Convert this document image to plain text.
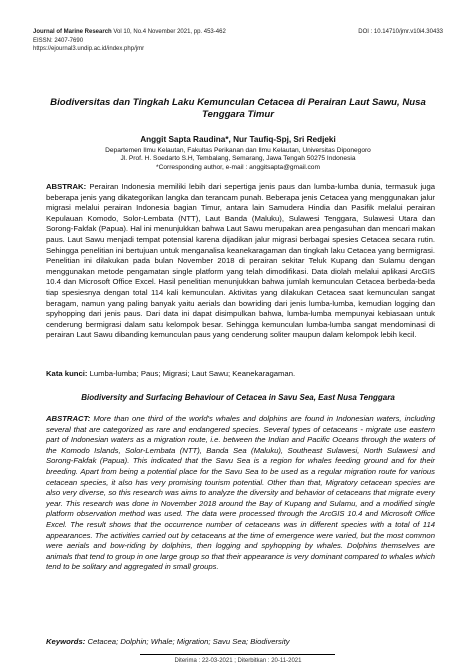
Journal of Marine Research Vol 10, No.4 November 2021, pp. 453-462
EISSN: 2407-7690
https://ejournal3.undip.ac.id/index.php/jmr
DOI : 10.14710/jmr.v10i4.30433
Biodiversitas dan Tingkah Laku Kemunculan Cetacea di Perairan Laut Sawu, Nusa Tenggara Timur
Anggit Sapta Raudina*, Nur Taufiq-Spj, Sri Redjeki
Departemen Ilmu Kelautan, Fakultas Perikanan dan Ilmu Kelautan, Universitas Diponegoro
Jl. Prof. H. Soedarto S.H, Tembalang, Semarang, Jawa Tengah 50275 Indonesia
*Corresponding author, e-mail : anggitsapta@gmail.com
ABSTRAK: Perairan Indonesia memiliki lebih dari sepertiga jenis paus dan lumba-lumba dunia, termasuk juga beberapa jenis yang dikategorikan langka dan terancam punah. Beberapa jenis Cetacea yang menggunakan jalur migrasi melalui perairan Indonesia bagian Timur, antara lain Samudera Hindia dan Pasifik melalui perairan Kepulauan Komodo, Solor-Lembata (NTT), Laut Banda (Maluku), Sulawesi Tenggara, Sulawesi Utara dan Sorong-Fakfak (Papua). Hal ini menunjukkan bahwa Laut Sawu merupakan area pengasuhan dan mencari makan paus. Laut Sawu menjadi tempat potensial karena dijadikan jalur migrasi berbagai spesies Cetacea secara rutin. Sehingga penelitian ini bertujuan untuk menganalisa keanekaragaman dan tingkah laku Cetacea yang bermigrasi. Penelitian ini dilakukan pada bulan November 2018 di perairan sekitar Teluk Kupang dan Sulamu dengan menggunakan metode pengamatan single platform yang telah dimodifikasi. Data diolah melalui aplikasi ArcGIS 10.4 dan Microsoft Office Excel. Hasil penelitian menunjukkan bahwa jumlah kemunculan Cetacea berbeda-beda tiap spesiesnya dengan total 114 kali kemunculan. Aktivitas yang dilakukan Cetacea saat kemunculan sangat beragam, namun yang paling banyak yaitu aerials dan bowriding dari jenis lumba-lumba, kemudian logging dan spyhopping dari jenis paus. Dari data ini dapat disimpulkan bahwa, lumba-lumba mempunyai kebiasaan untuk cenderung bermigrasi dalam satu kelompok besar. Sehingga kemunculan lumba-lumba sangat mendominasi di perairan Laut Sawu dibanding kemunculan paus yang cenderung soliter maupun dalam kelompok lebih kecil.
Kata kunci: Lumba-lumba; Paus; Migrasi; Laut Sawu; Keanekaragaman.
Biodiversity and Surfacing Behaviour of Cetacea in Savu Sea, East Nusa Tenggara
ABSTRACT: More than one third of the world's whales and dolphins are found in Indonesian waters, including several that are categorized as rare and endangered species. Several types of cetaceans - migrate use eastern part of Indonesian waters as a migration route, i.e. between the Indian and Pacific Oceans through the waters of the Komodo Islands, Solor-Lembata (NTT), Banda Sea (Maluku), Southeast Sulawesi, North Sulawesi and Sorong-Fakfak (Papua). This indicated that the Savu Sea is a region for whales feeding ground and for their breeding. Apart from being a potential place for the Savu Sea to be used as a regular migration route for various cetacean species, it also has very promising tourism potential. Other than that, Migratory cetacean species are also very diverse, so this research was aims to analyze the diversity and behavior of cetaceans that migrate every year. This research was done in November 2018 around the Bay of Kupang and Sulamu, and a modified single platform observation method was used. The data were processed through the ArcGIS 10.4 and Microsoft Office Excel. The result shows that the occurrence number of cetaceans was in different species with a total of 114 appearances. The activities carried out by cetaceans at the time of emergence were varied, but the most common were aerials and bow-riding by dolphins, then logging and spyhopping by whales. Dolphins themselves are animals that tend to group in one large group so that their appearance is very dominant compared to whales which tend to be solitary and aggregated in small groups.
Keywords: Cetacea; Dolphin; Whale; Migration; Savu Sea; Biodiversity
Diterima : 22-03-2021 ; Diterbitkan : 20-11-2021
